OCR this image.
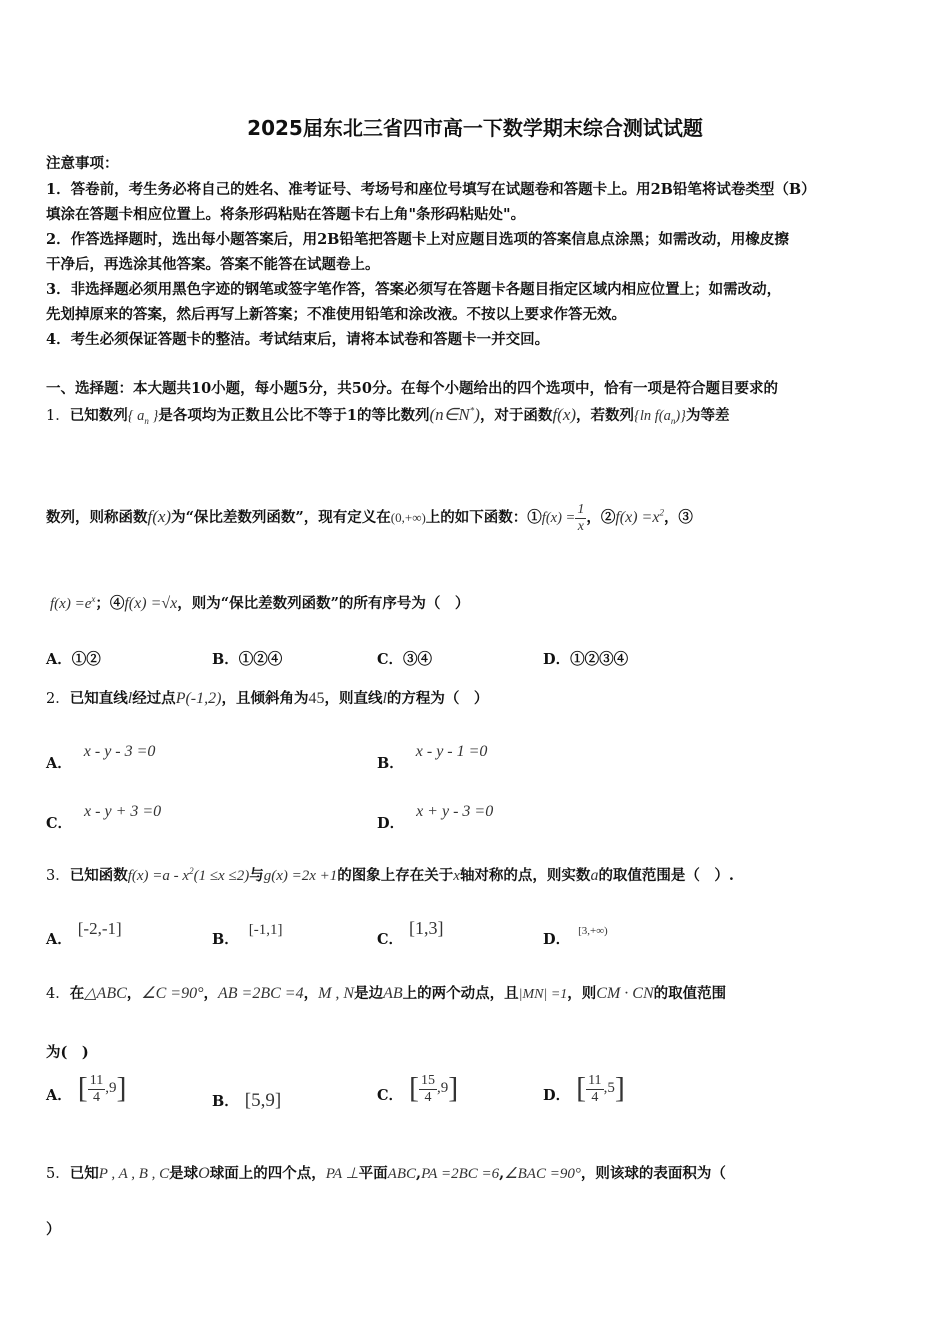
2025届东北三省四市高一下数学期末综合测试试题
注意事项：
1．答卷前，考生务必将自己的姓名、准考证号、考场号和座位号填写在试题卷和答题卡上。用2B铅笔将试卷类型（B）
填涂在答题卡相应位置上。将条形码粘贴在答题卡右上角"条形码粘贴处"。
2．作答选择题时，选出每小题答案后，用2B铅笔把答题卡上对应题目选项的答案信息点涂黑；如需改动，用橡皮擦
干净后，再选涂其他答案。答案不能答在试题卷上。
3．非选择题必须用黑色字迹的钢笔或签字笔作答，答案必须写在答题卡各题目指定区域内相应位置上；如需改动，
先划掉原来的答案，然后再写上新答案；不准使用铅笔和涂改液。不按以上要求作答无效。
4．考生必须保证答题卡的整洁。考试结束后，请将本试卷和答题卡一并交回。
一、选择题：本大题共10小题，每小题5分，共50分。在每个小题给出的四个选项中，恰有一项是符合题目要求的
1．已知数列{ $a_n$ }是各项均为正数且公比不等于1的等比数列(n∈N*)，对于函数f(x)，若数列{ln $f(a_n)$}为等差
数列，则称函数f(x)为“保比差数列函数”，现有定义在(0,+∞)上的如下函数：①f(x) = $\frac{1}{x}$ ，②f(x) $=x^2$，③
$f(x) =e^x$；④f(x) =√x，则为“保比差数列函数”的所有序号为（　）
A．①②	B．①②④	C．③④	D．①②③④
2．已知直线l经过点P(-1,2)，且倾斜角为45，则直线l的方程为（　）
A．x - y - 3 =0
B．x - y - 1 =0
C．x - y + 3 =0
D．x + y - 3 =0
3．已知函数$f(x) =a - x^2(1 \le x \le 2)$与g(x) =2x +1的图象上存在关于x轴对称的点，则实数a的取值范围是（　）.
A．[-2,-1]
B．[-1,1]
C．[1,3]
D． [3,+∞)
4．在△ABC，∠C =90°，AB =2BC =4，M , N是边AB上的两个动点，且|MN| =1，则CM · CN的取值范围
为(　)
A． [ $\frac{11}{4} ,9$]	B． [5,9]	C． [ $\frac{15}{4} ,9$]	D． [ $\frac{11}{4} ,5$]
5．已知P , A , B , C是球O球面上的四个点，PA ⊥平面ABC,PA =2BC =6,∠BAC =90°，则该球的表面积为（
）
